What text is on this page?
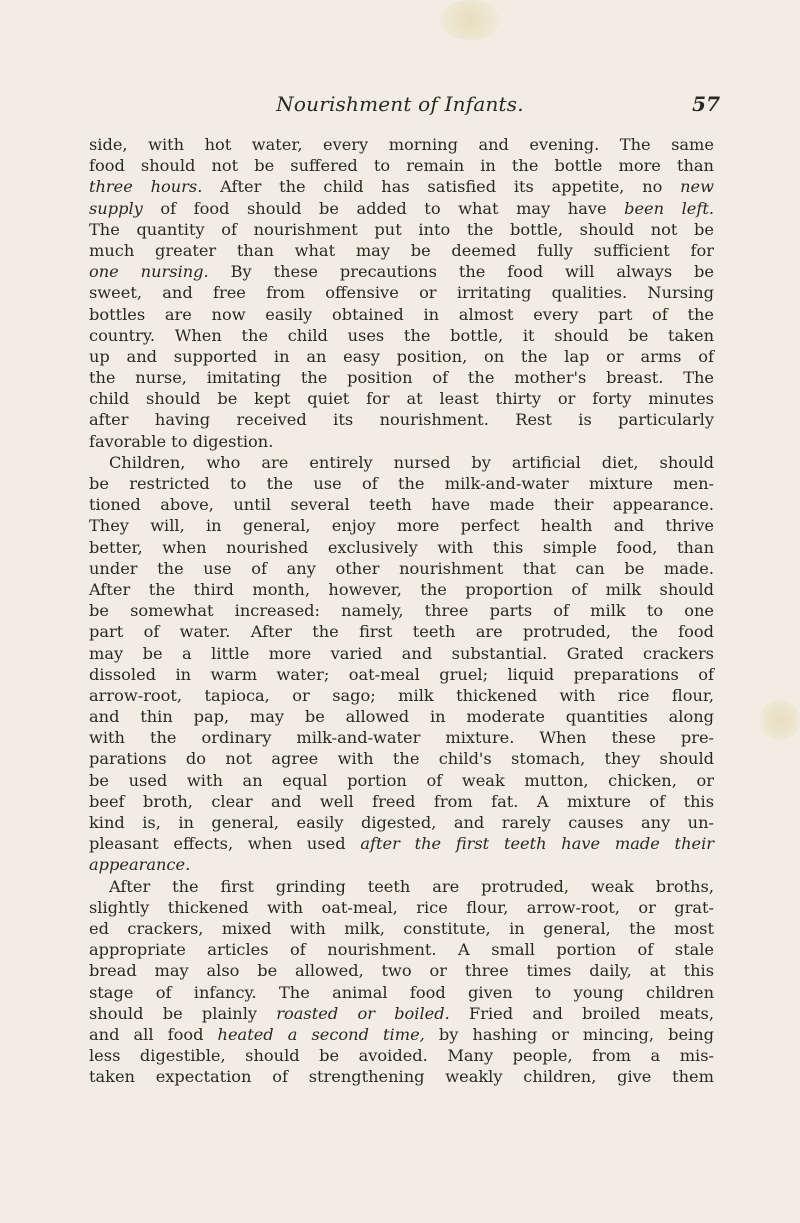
Nourishment of Infants.	57
side, with hot water, every morning and evening. The same
food should not be suffered to remain in the bottle more than
three hours. After the child has satisfied its appetite, no new
supply of food should be added to what may have been left.
The quantity of nourishment put into the bottle, should not be
much greater than what may be deemed fully sufficient for
one nursing. By these precautions the food will always be
sweet, and free from offensive or irritating qualities. Nursing
bottles are now easily obtained in almost every part of the
country. When the child uses the bottle, it should be taken
up and supported in an easy position, on the lap or arms of
the nurse, imitating the position of the mother's breast. The
child should be kept quiet for at least thirty or forty minutes
after having received its nourishment. Rest is particularly
favorable to digestion.
Children, who are entirely nursed by artificial diet, should
be restricted to the use of the milk-and-water mixture men-
tioned above, until several teeth have made their appearance.
They will, in general, enjoy more perfect health and thrive
better, when nourished exclusively with this simple food, than
under the use of any other nourishment that can be made.
After the third month, however, the proportion of milk should
be somewhat increased: namely, three parts of milk to one
part of water. After the first teeth are protruded, the food
may be a little more varied and substantial. Grated crackers
dissoled in warm water; oat-meal gruel; liquid preparations of
arrow-root, tapioca, or sago; milk thickened with rice flour,
and thin pap, may be allowed in moderate quantities along
with the ordinary milk-and-water mixture. When these pre-
parations do not agree with the child's stomach, they should
be used with an equal portion of weak mutton, chicken, or
beef broth, clear and well freed from fat. A mixture of this
kind is, in general, easily digested, and rarely causes any un-
pleasant effects, when used after the first teeth have made their
appearance.
After the first grinding teeth are protruded, weak broths,
slightly thickened with oat-meal, rice flour, arrow-root, or grat-
ed crackers, mixed with milk, constitute, in general, the most
appropriate articles of nourishment. A small portion of stale
bread may also be allowed, two or three times daily, at this
stage of infancy. The animal food given to young children
should be plainly roasted or boiled. Fried and broiled meats,
and all food heated a second time, by hashing or mincing, being
less digestible, should be avoided. Many people, from a mis-
taken expectation of strengthening weakly children, give them
